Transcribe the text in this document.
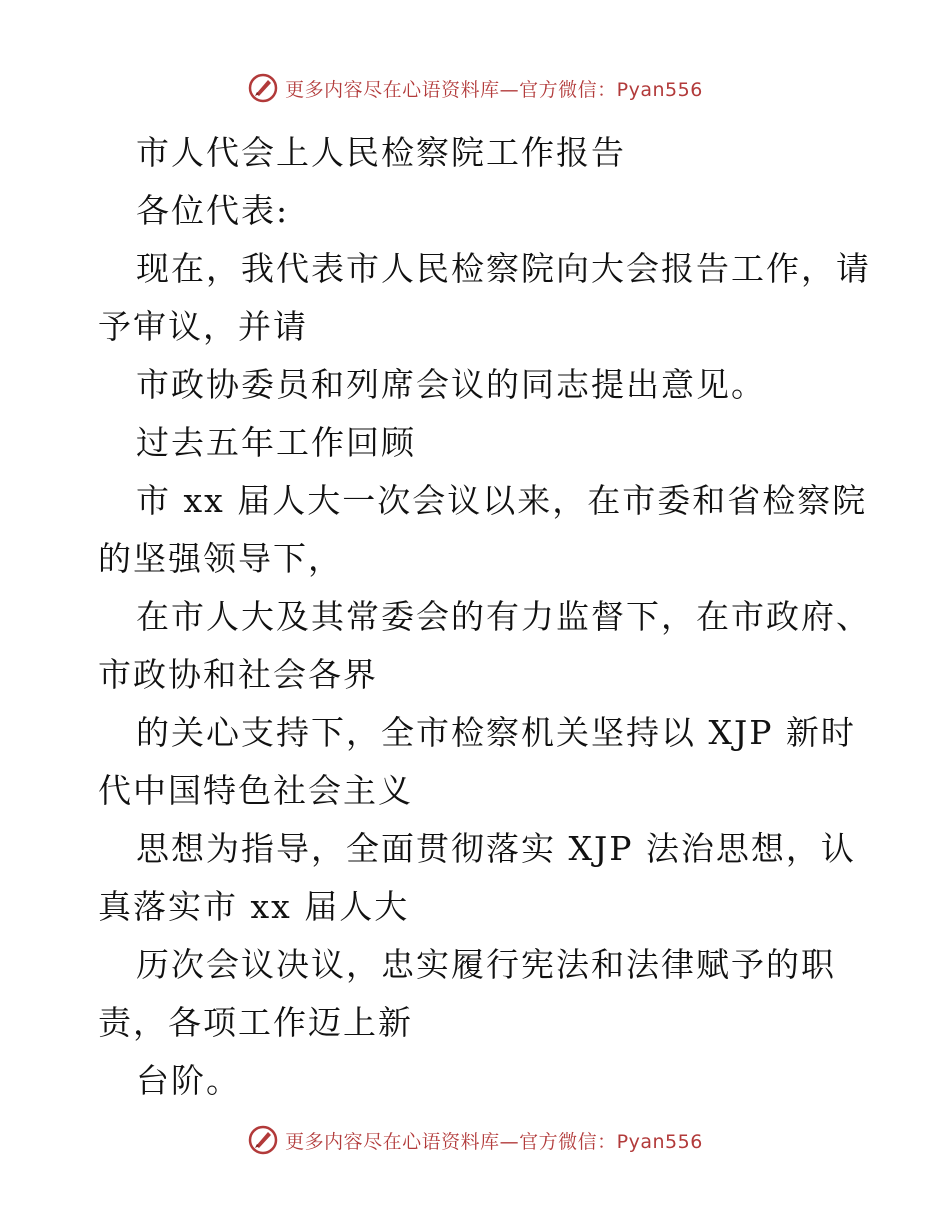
更多内容尽在心语资料库—官方微信：Pyan556
市人代会上人民检察院工作报告
各位代表:
现在，我代表市人民检察院向大会报告工作，请
予审议，并请
市政协委员和列席会议的同志提出意见。
过去五年工作回顾
市 xx 届人大一次会议以来，在市委和省检察院
的坚强领导下，
在市人大及其常委会的有力监督下，在市政府、
市政协和社会各界
的关心支持下，全市检察机关坚持以 XJP 新时
代中国特色社会主义
思想为指导，全面贯彻落实 XJP 法治思想，认
真落实市 xx 届人大
历次会议决议，忠实履行宪法和法律赋予的职
责，各项工作迈上新
台阶。
更多内容尽在心语资料库—官方微信：Pyan556
